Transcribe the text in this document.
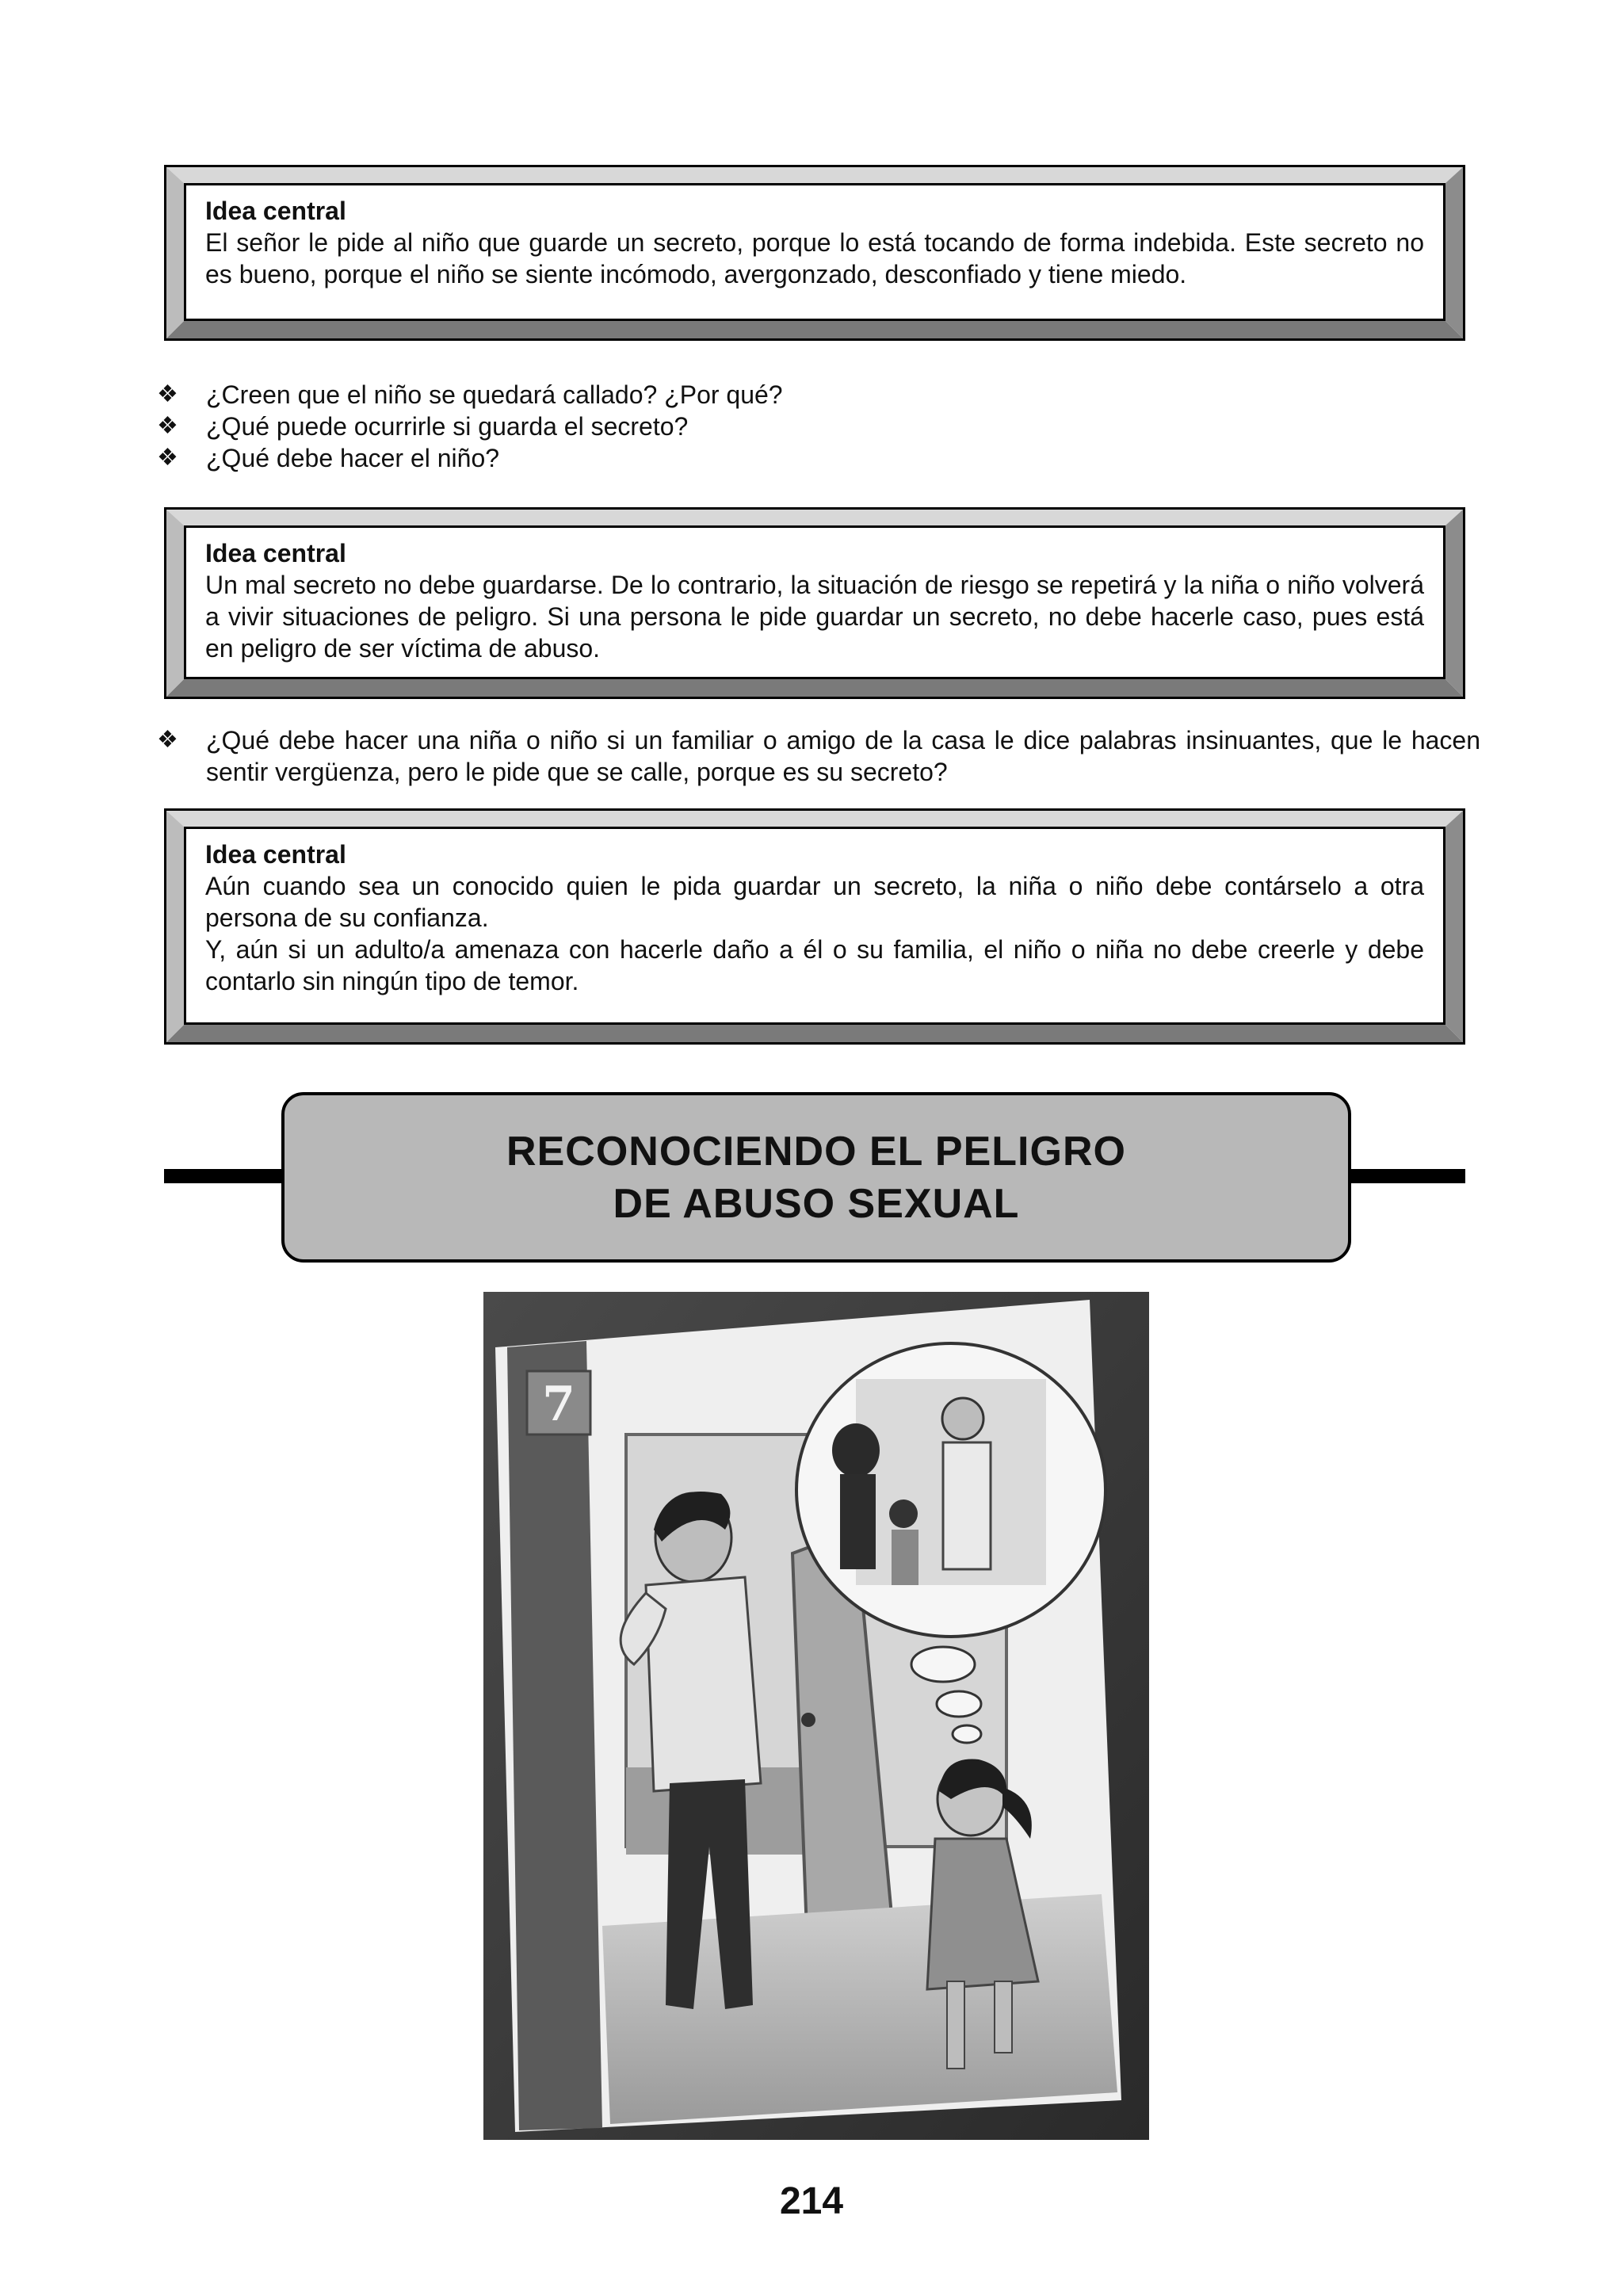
Idea central

El señor le pide al niño que guarde un secreto, porque lo está tocando de forma indebida. Este secreto no es bueno, porque el niño se siente incómodo, avergonzado, desconfiado y tiene miedo.

❖ ¿Creen que el niño se quedará callado? ¿Por qué?
❖ ¿Qué puede ocurrirle si guarda el secreto?
❖ ¿Qué debe hacer el niño?
Idea central

Un mal secreto no debe guardarse. De lo contrario, la situación de riesgo se repetirá y la niña o niño volverá a vivir situaciones de peligro. Si una persona le pide guardar un secreto, no debe hacerle caso, pues está en peligro de ser víctima de abuso.

❖ ¿Qué debe hacer una niña o niño si un familiar o amigo de la casa le dice palabras insinuantes, que le hacen sentir vergüenza, pero le pide que se calle, porque es su secreto?
Idea central

Aún cuando sea un conocido quien le pida guardar un secreto, la niña o niño debe contárselo a otra persona de su confianza.

Y, aún si un adulto/a amenaza con hacerle daño a él o su familia, el niño o niña no debe creerle y debe contarlo sin ningún tipo de temor.

RECONOCIENDO EL PELIGRO
DE ABUSO SEXUAL
7
214
